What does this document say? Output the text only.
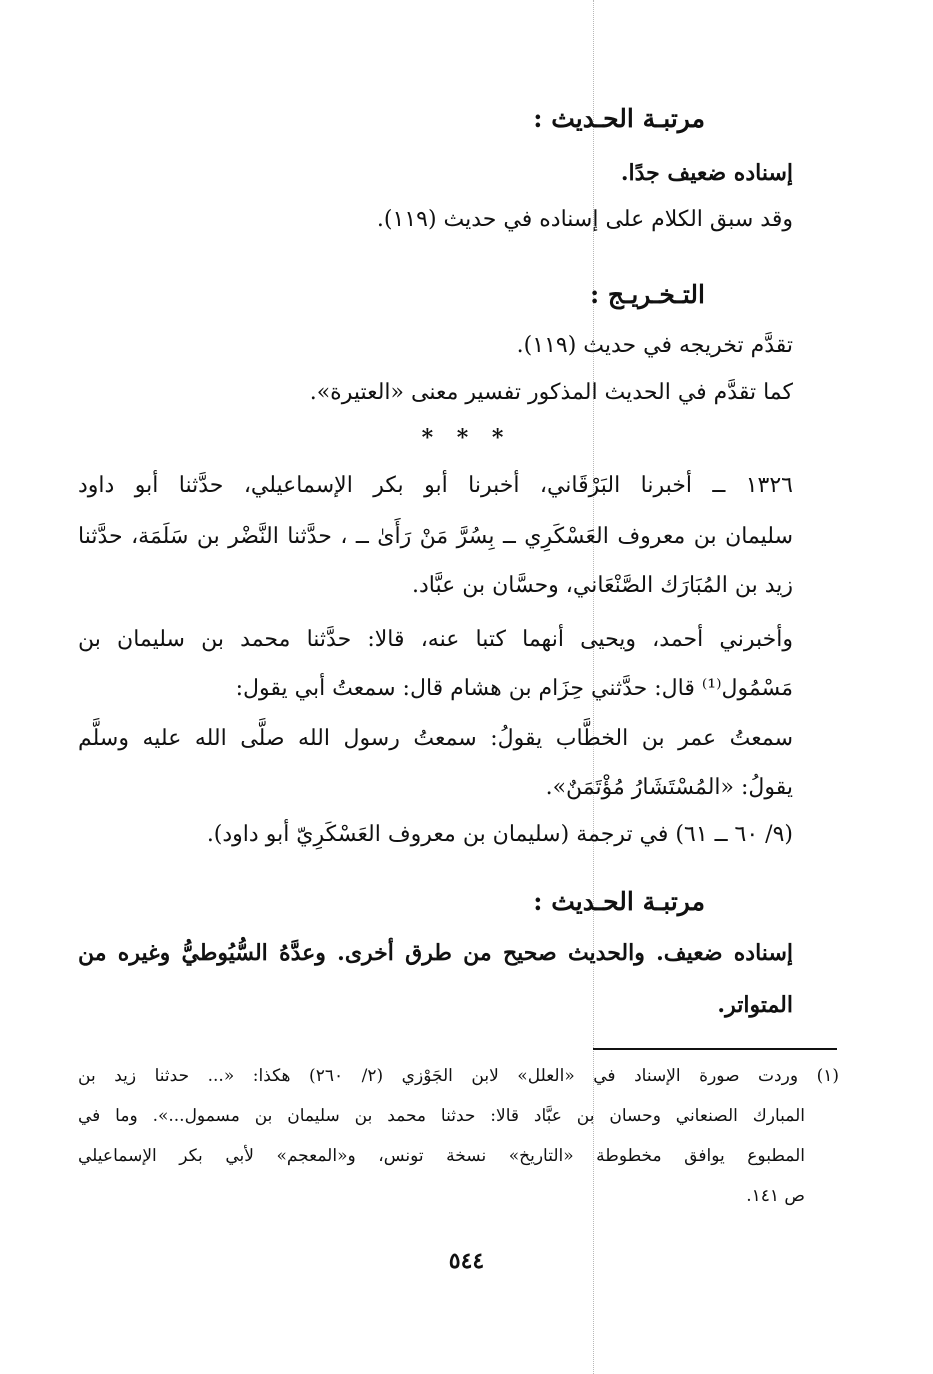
مرتبـة الحـديث :
إسناده ضعيف جدًا.
وقد سبق الكلام على إسناده في حديث (١١٩).
التـخـريـج :
تقدَّم تخريجه في حديث (١١٩).
كما تقدَّم في الحديث المذكور تفسير معنى «العتيرة».
* * *
١٣٢٦ ــ أخبرنا البَرْقَاني، أخبرنا أبو بكر الإسماعيلي، حدَّثنا أبو داود
سليمان بن معروف العَسْكَرِي ــ بِسُرَّ مَنْ رَأَىٰ ــ ، حدَّثنا النَّضْر بن سَلَمَة، حدَّثنا
زيد بن المُبَارَك الصَّنْعَاني، وحسَّان بن عبَّاد.
وأخبرني أحمد، ويحيى أنهما كتبا عنه، قالا: حدَّثنا محمد بن سليمان بن
مَسْمُول⁽¹⁾ قال: حدَّثني حِزَام بن هشام قال: سمعتُ أبي يقول:
سمعتُ عمر بن الخطَّاب يقولُ: سمعتُ رسول الله صلَّى الله عليه وسلَّم
يقولُ: «المُسْتَشَارُ مُؤْتَمَنٌ».
(٩/ ٦٠ ــ ٦١) في ترجمة (سليمان بن معروف العَسْكَرِيّ أبو داود).
مرتبـة الحـديث :
إسناده ضعيف. والحديث صحيح من طرق أخرى. وعدَّهُ السُّيُوطيُّ وغيره من
المتواتر.
(١) وردت صورة الإسناد في «العلل» لابن الجَوْزي (٢/ ٢٦٠) هكذا: «... حدثنا زيد بن
المبارك الصنعاني وحسان بن عبَّاد قالا: حدثنا محمد بن سليمان بن مسمول...». وما في
المطبوع يوافق مخطوطة «التاريخ» نسخة تونس، و«المعجم» لأبي بكر الإسماعيلي
ص ١٤١.
٥٤٤
